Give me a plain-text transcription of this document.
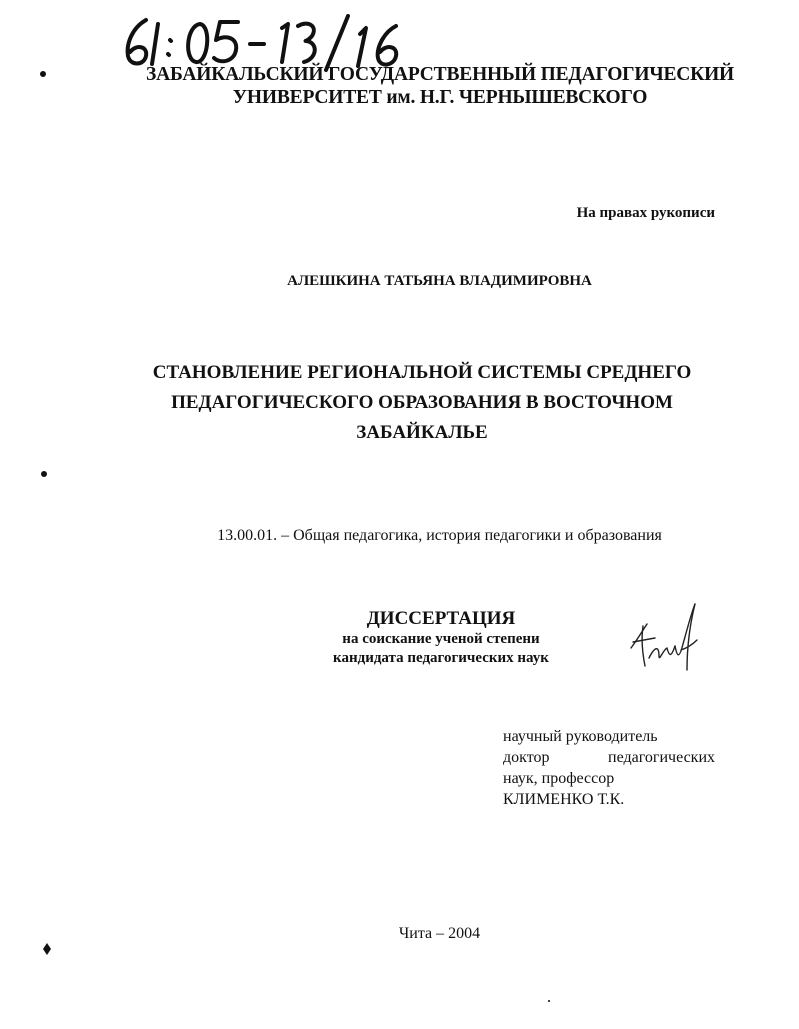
ЗАБАЙКАЛЬСКИЙ ГОСУДАРСТВЕННЫЙ ПЕДАГОГИЧЕСКИЙ
УНИВЕРСИТЕТ им. Н.Г. ЧЕРНЫШЕВСКОГО
На правах рукописи
АЛЕШКИНА ТАТЬЯНА ВЛАДИМИРОВНА
СТАНОВЛЕНИЕ РЕГИОНАЛЬНОЙ СИСТЕМЫ СРЕДНЕГО
ПЕДАГОГИЧЕСКОГО ОБРАЗОВАНИЯ В ВОСТОЧНОМ
ЗАБАЙКАЛЬЕ
13.00.01. – Общая педагогика, история педагогики и образования
ДИССЕРТАЦИЯ
на соискание ученой степени
кандидата педагогических наук
научный руководитель
доктор	педагогических
наук, профессор
КЛИМЕНКО Т.К.
Чита – 2004
